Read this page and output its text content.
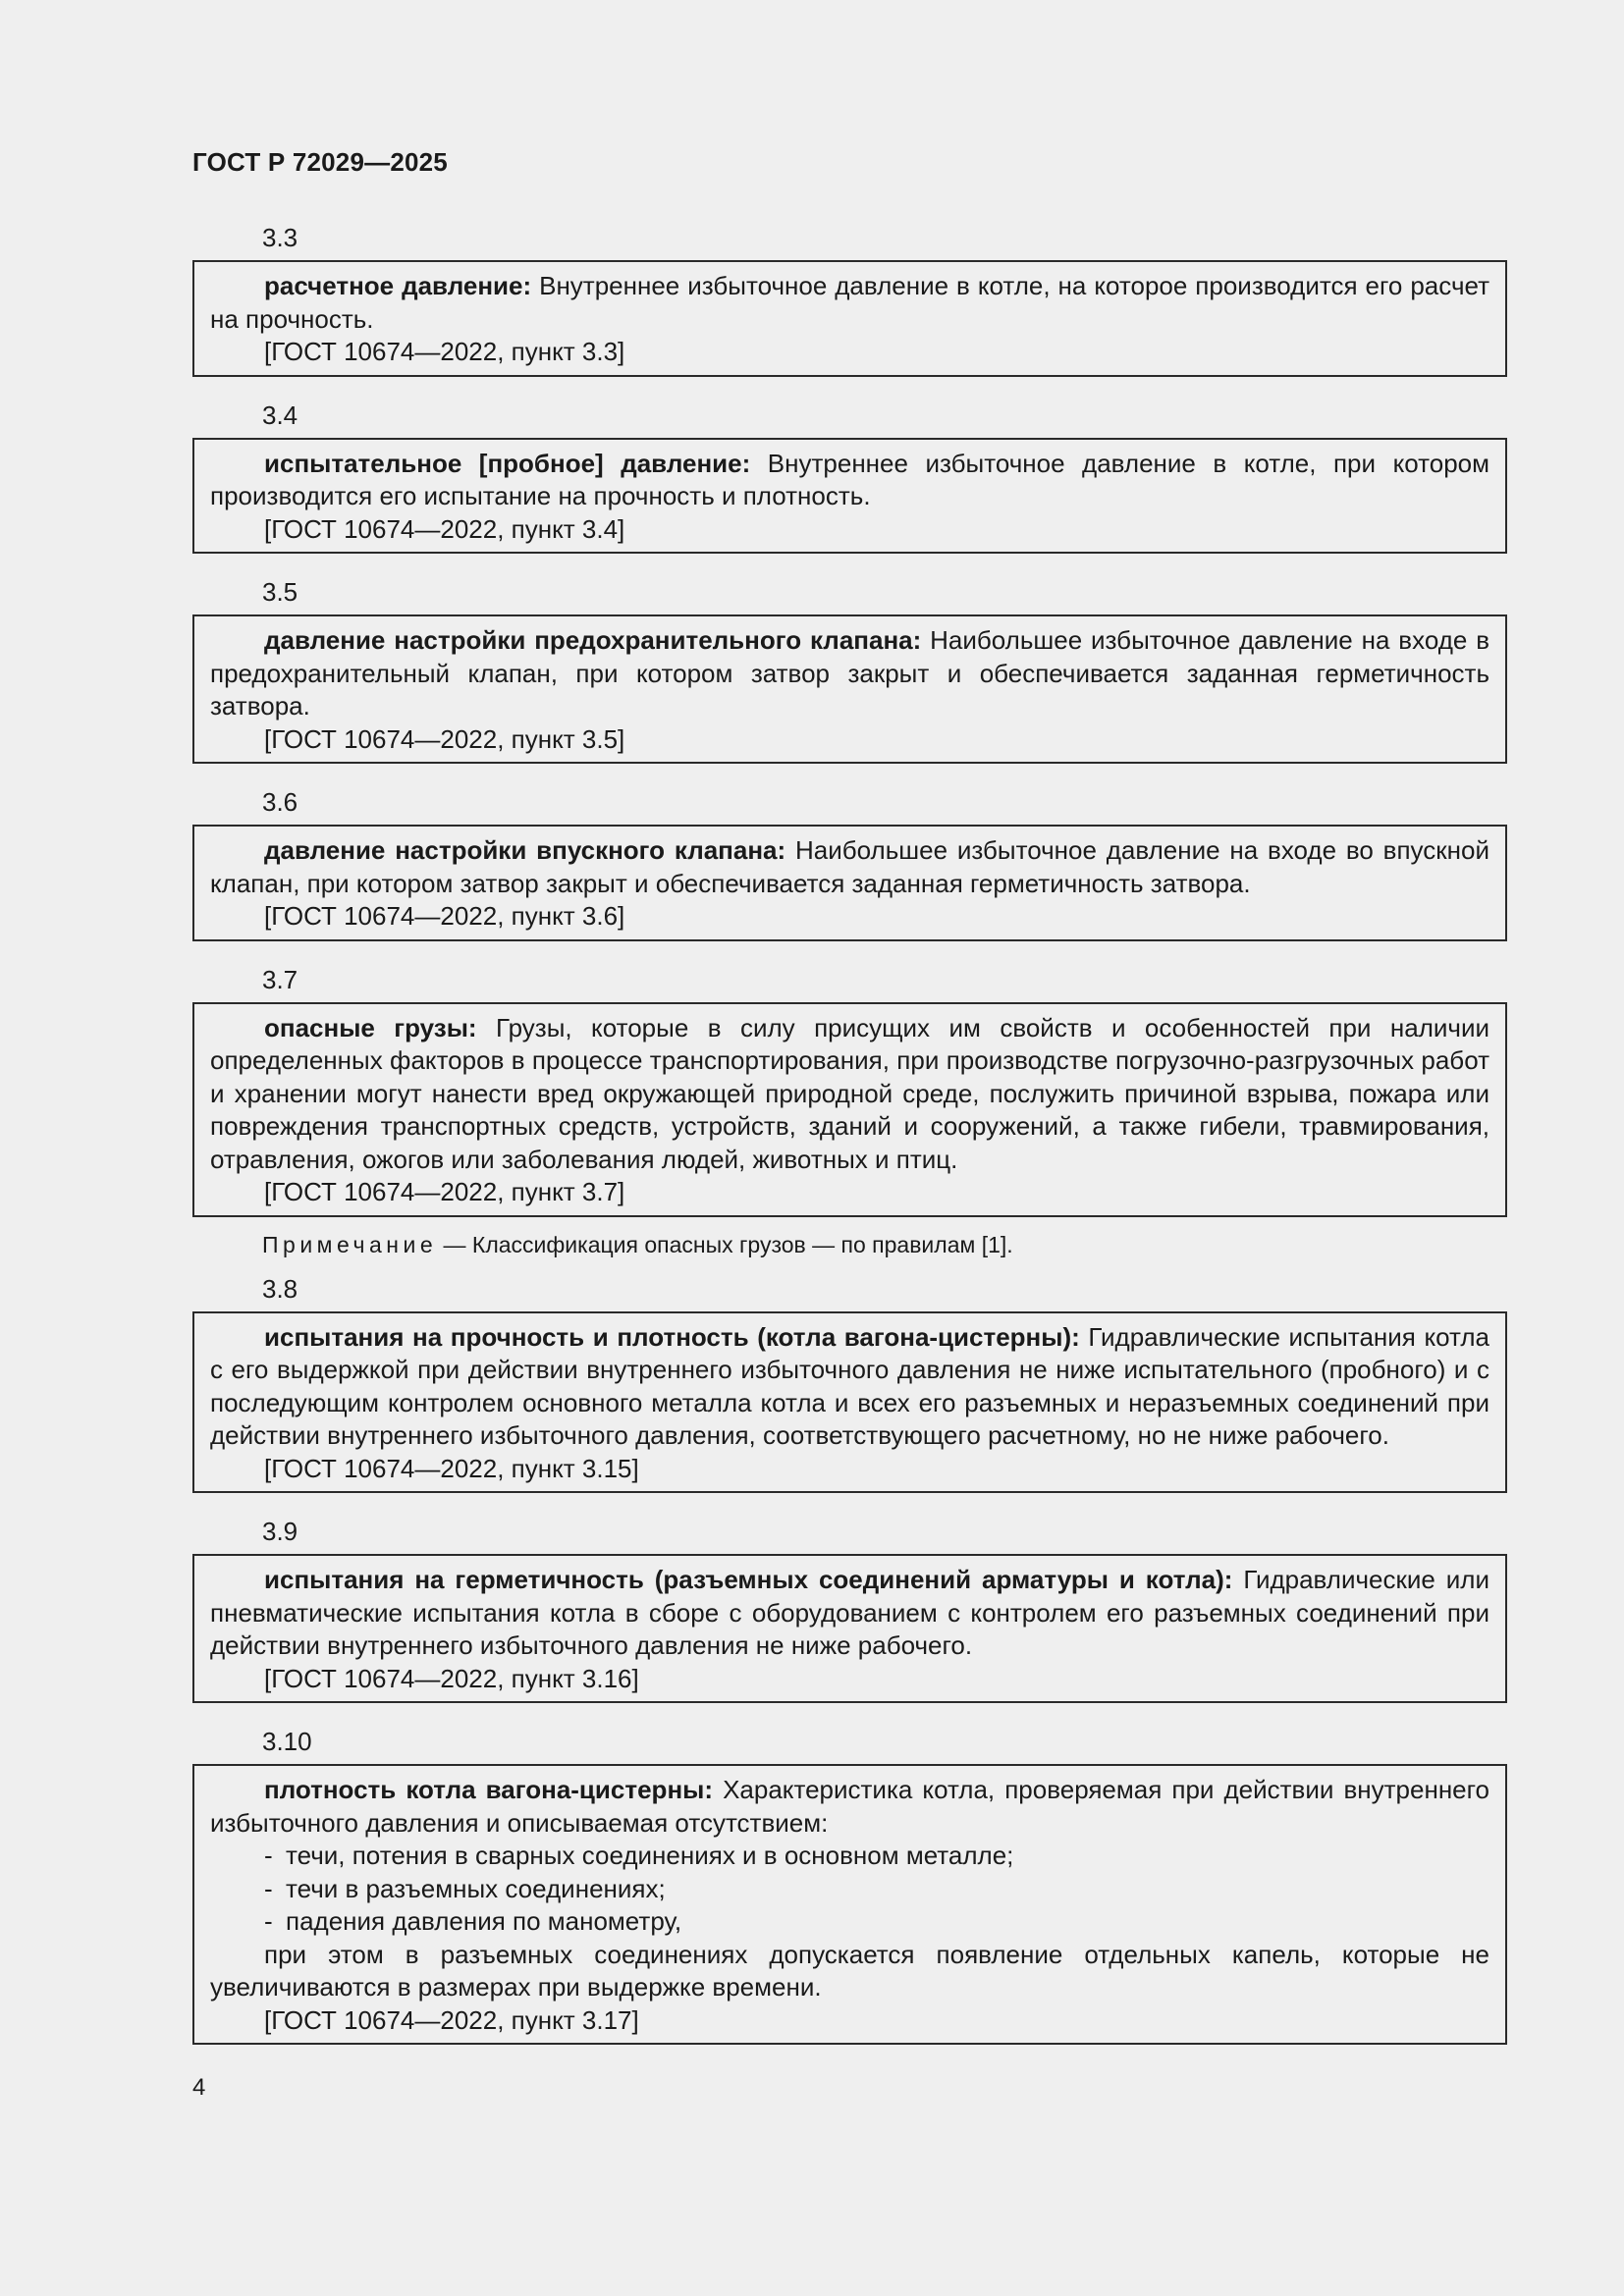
ГОСТ Р 72029—2025
3.3

расчетное давление: Внутреннее избыточное давление в котле, на которое производится его расчет на прочность.

[ГОСТ 10674—2022, пункт 3.3]
3.4

испытательное [пробное] давление: Внутреннее избыточное давление в котле, при котором производится его испытание на прочность и плотность.

[ГОСТ 10674—2022, пункт 3.4]
3.5

давление настройки предохранительного клапана: Наибольшее избыточное давление на входе в предохранительный клапан, при котором затвор закрыт и обеспечивается заданная герметичность затвора.

[ГОСТ 10674—2022, пункт 3.5]
3.6

давление настройки впускного клапана: Наибольшее избыточное давление на входе во впускной клапан, при котором затвор закрыт и обеспечивается заданная герметичность затвора.

[ГОСТ 10674—2022, пункт 3.6]
3.7

опасные грузы: Грузы, которые в силу присущих им свойств и особенностей при наличии определенных факторов в процессе транспортирования, при производстве погрузочно-разгрузочных работ и хранении могут нанести вред окружающей природной среде, послужить причиной взрыва, пожара или повреждения транспортных средств, устройств, зданий и сооружений, а также гибели, травмирования, отравления, ожогов или заболевания людей, животных и птиц.

[ГОСТ 10674—2022, пункт 3.7]
Примечание — Классификация опасных грузов — по правилам [1].
3.8

испытания на прочность и плотность (котла вагона-цистерны): Гидравлические испытания котла с его выдержкой при действии внутреннего избыточного давления не ниже испытательного (пробного) и с последующим контролем основного металла котла и всех его разъемных и неразъемных соединений при действии внутреннего избыточного давления, соответствующего расчетному, но не ниже рабочего.

[ГОСТ 10674—2022, пункт 3.15]
3.9

испытания на герметичность (разъемных соединений арматуры и котла): Гидравлические или пневматические испытания котла в сборе с оборудованием с контролем его разъемных соединений при действии внутреннего избыточного давления не ниже рабочего.

[ГОСТ 10674—2022, пункт 3.16]
3.10

плотность котла вагона-цистерны: Характеристика котла, проверяемая при действии внутреннего избыточного давления и описываемая отсутствием:

- течи, потения в сварных соединениях и в основном металле;
- течи в разъемных соединениях;
- падения давления по манометру,

при этом в разъемных соединениях допускается появление отдельных капель, которые не увеличиваются в размерах при выдержке времени.

[ГОСТ 10674—2022, пункт 3.17]
4
